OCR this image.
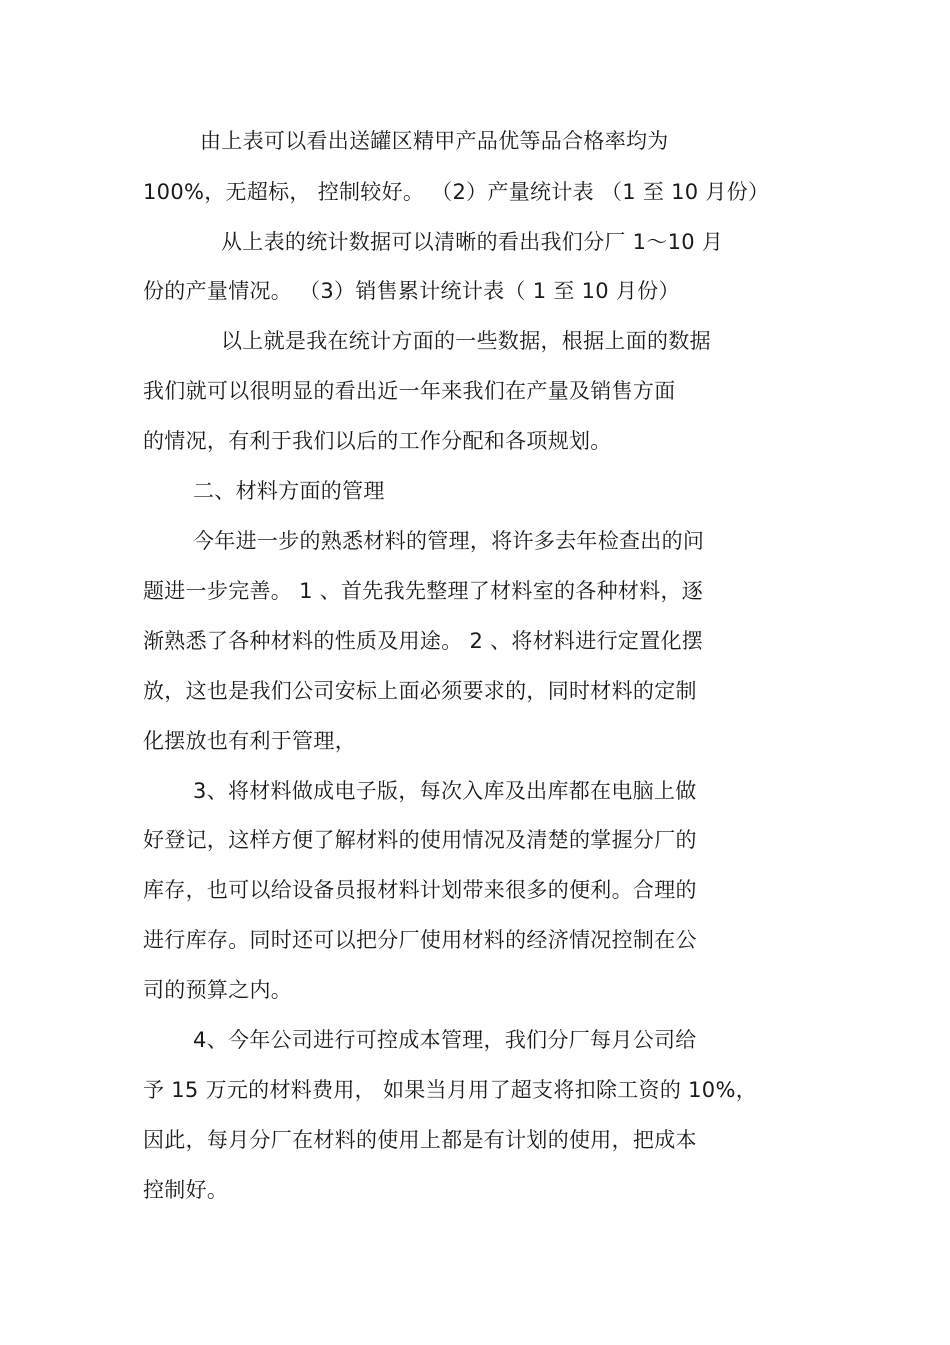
由上表可以看出送罐区精甲产品优等品合格率均为
100%，无超标， 控制较好。 （2）产量统计表 （1 至 10 月份）
从上表的统计数据可以清晰的看出我们分厂 1～10 月
份的产量情况。 （3）销售累计统计表（ 1 至 10 月份）
以上就是我在统计方面的一些数据，根据上面的数据
我们就可以很明显的看出近一年来我们在产量及销售方面
的情况，有利于我们以后的工作分配和各项规划。
二、材料方面的管理
今年进一步的熟悉材料的管理，将许多去年检查出的问
题进一步完善。 1 、首先我先整理了材料室的各种材料，逐
渐熟悉了各种材料的性质及用途。 2 、将材料进行定置化摆
放，这也是我们公司安标上面必须要求的，同时材料的定制
化摆放也有利于管理，
3、将材料做成电子版，每次入库及出库都在电脑上做
好登记，这样方便了解材料的使用情况及清楚的掌握分厂的
库存，也可以给设备员报材料计划带来很多的便利。合理的
进行库存。同时还可以把分厂使用材料的经济情况控制在公
司的预算之内。
4、今年公司进行可控成本管理，我们分厂每月公司给
予 15 万元的材料费用， 如果当月用了超支将扣除工资的 10%，
因此，每月分厂在材料的使用上都是有计划的使用，把成本
控制好。
